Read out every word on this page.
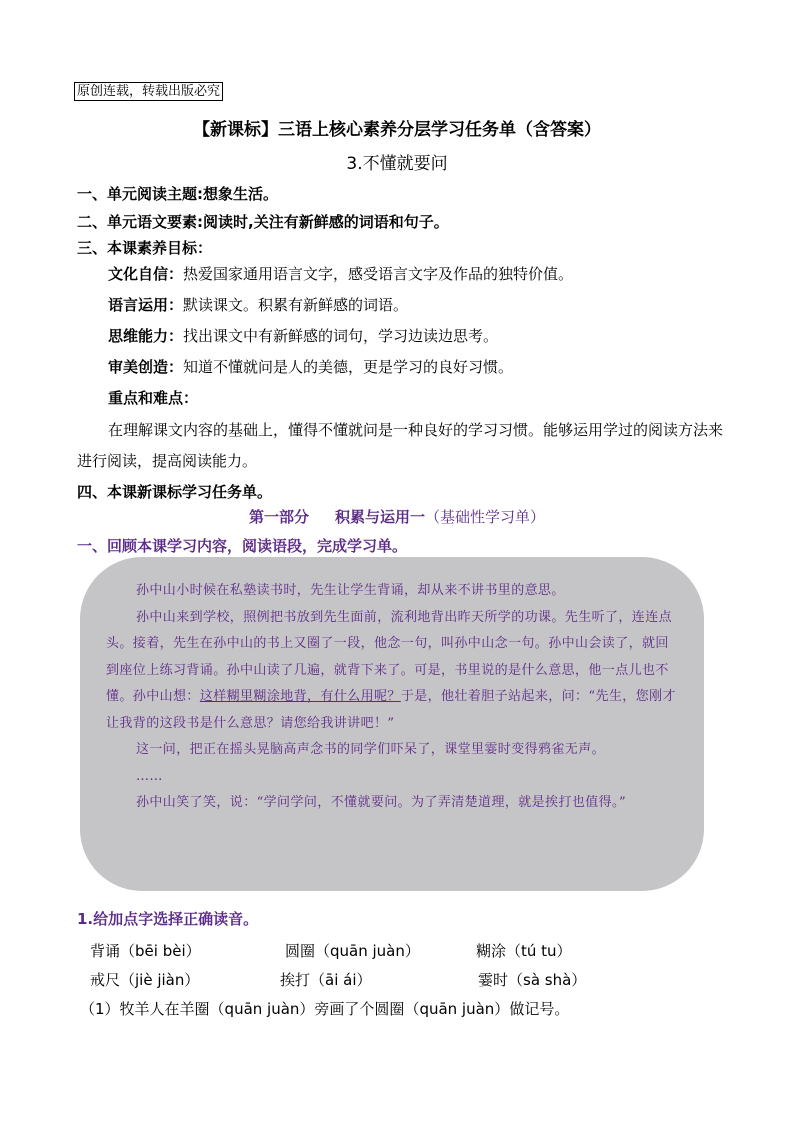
原创连载，转载出版必究
【新课标】三语上核心素养分层学习任务单（含答案）
3.不懂就要问
一、单元阅读主题:想象生活。
二、单元语文要素:阅读时,关注有新鲜感的词语和句子。
三、本课素养目标：
文化自信：热爱国家通用语言文字，感受语言文字及作品的独特价值。
语言运用：默读课文。积累有新鲜感的词语。
思维能力：找出课文中有新鲜感的词句，学习边读边思考。
审美创造：知道不懂就问是人的美德，更是学习的良好习惯。
重点和难点：
在理解课文内容的基础上，懂得不懂就问是一种良好的学习习惯。能够运用学过的阅读方法来进行阅读，提高阅读能力。
四、本课新课标学习任务单。
第一部分 积累与运用一（基础性学习单）
一、回顾本课学习内容，阅读语段，完成学习单。

孙中山小时候在私塾读书时，先生让学生背诵，却从来不讲书里的意思。

孙中山来到学校，照例把书放到先生面前，流利地背出昨天所学的功课。先生听了，连连点头。接着，先生在孙中山的书上又圈了一段，他念一句，叫孙中山念一句。孙中山会读了，就回到座位上练习背诵。孙中山读了几遍，就背下来了。可是，书里说的是什么意思，他一点儿也不懂。孙中山想：这样糊里糊涂地背，有什么用呢？于是，他壮着胆子站起来，问：“先生，您刚才让我背的这段书是什么意思？请您给我讲讲吧！”

这一问，把正在摇头晃脑高声念书的同学们吓呆了，课堂里霎时变得鸦雀无声。

……

孙中山笑了笑，说：“学问学问，不懂就要问。为了弄清楚道理，就是挨打也值得。”

1.给加点字选择正确读音。
背诵（bēi bèi）	圆圈（quān juàn）	糊涂（tú tu）
戒尺（jiè jiàn）	挨打（āi ái）	霎时（sà shà）
（1）牧羊人在羊圈（quān juàn）旁画了个圆圈（quān juàn）做记号。
